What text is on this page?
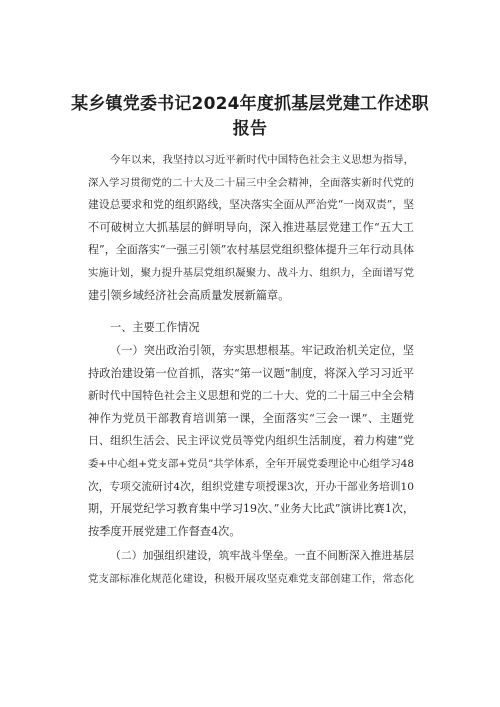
某乡镇党委书记2024年度抓基层党建工作述职
报告
今年以来，我坚持以习近平新时代中国特色社会主义思想为指导，
深入学习贯彻党的二十大及二十届三中全会精神，全面落实新时代党的
建设总要求和党的组织路线，坚决落实全面从严治党“一岗双责”，坚
不可破树立大抓基层的鲜明导向，深入推进基层党建工作“五大工
程”，全面落实“一强三引领”农村基层党组织整体提升三年行动具体
实施计划，聚力提升基层党组织凝聚力、战斗力、组织力，全面谱写党
建引领乡域经济社会高质量发展新篇章。
一、主要工作情况
（一）突出政治引领，夯实思想根基。牢记政治机关定位，坚
持政治建设第一位首抓，落实“第一议题”制度，将深入学习习近平
新时代中国特色社会主义思想和党的二十大、党的二十届三中全会精
神作为党员干部教育培训第一课，全面落实“三会一课”、主题党
日、组织生活会、民主评议党员等党内组织生活制度，着力构建“党
委+中心组+党支部+党员”共学体系，全年开展党委理论中心组学习48
次，专项交流研讨4次，组织党建专项授课3次，开办干部业务培训10
期，开展党纪学习教育集中学习19次、”业务大比武”演讲比赛1次，
按季度开展党建工作督查4次。
（二）加强组织建设，筑牢战斗堡垒。一直不间断深入推进基层
党支部标准化规范化建设，积极开展攻坚克难党支部创建工作，常态化
